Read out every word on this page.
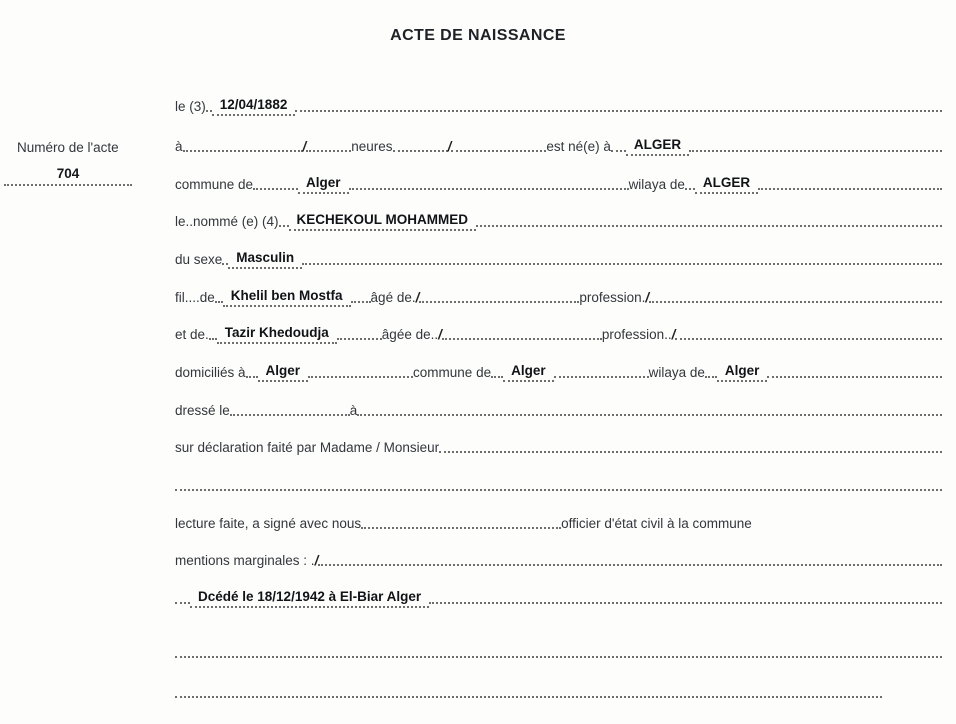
ACTE DE NAISSANCE
Numéro de l'acte
704
le (3)	12/04/1882
à	/	neures	/	est né(e) à	ALGER
commune de	Alger	wilaya de	ALGER
le..nommé (e) (4)	KECHEKOUL MOHAMMED
du sexe	Masculin
fil....de	Khelil ben Mostfa	âgé de. /	profession. /
et de.	Tazir Khedoudja	âgée de.. /	profession.. /
domiciliés à	Alger	commune de	Alger	wilaya de	Alger
dressé le	à
sur déclaration faité par Madame / Monsieur
lecture faite, a signé avec nous	officier d'état civil à la commune
mentions marginales : . /
Dcédé le 18/12/1942 à El-Biar Alger
